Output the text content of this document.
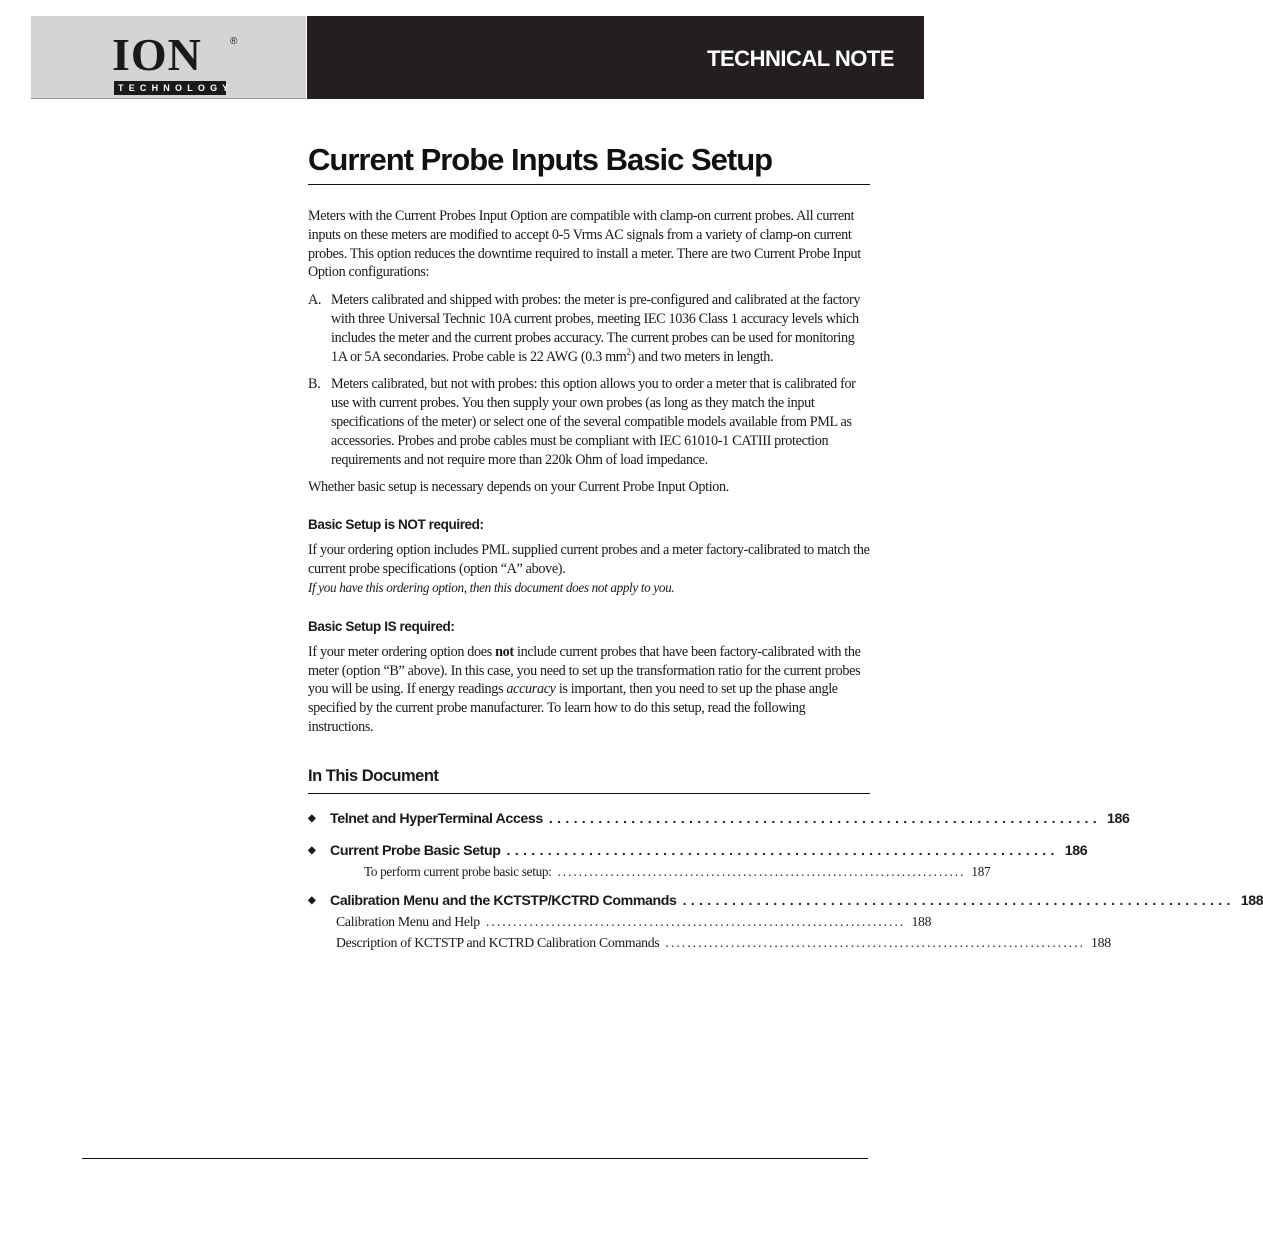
ION	®
TECHNOLOGY
TECHNICAL NOTE
Current Probe Inputs Basic Setup

Meters with the Current Probes Input Option are compatible with clamp-on current probes. All current inputs on these meters are modified to accept 0-5 Vrms AC signals from a variety of clamp-on current probes. This option reduces the downtime required to install a meter. There are two Current Probe Input Option configurations:

A. Meters calibrated and shipped with probes: the meter is pre-configured and calibrated at the factory with three Universal Technic 10A current probes, meeting IEC 1036 Class 1 accuracy levels which includes the meter and the current probes accuracy. The current probes can be used for monitoring 1A or 5A secondaries. Probe cable is 22 AWG (0.3 $mm^2$) and two meters in length.

B. Meters calibrated, but not with probes: this option allows you to order a meter that is calibrated for use with current probes. You then supply your own probes (as long as they match the input specifications of the meter) or select one of the several compatible models available from PML as accessories. Probes and probe cables must be compliant with IEC 61010-1 CATIII protection requirements and not require more than 220k Ohm of load impedance.

Whether basic setup is necessary depends on your Current Probe Input Option.

Basic Setup is NOT required:

If your ordering option includes PML supplied current probes and a meter factory-calibrated to match the current probe specifications (option “A” above).

If you have this ordering option, then this document does not apply to you.

Basic Setup IS required:

If your meter ordering option does not include current probes that have been factory-calibrated with the meter (option “B” above). In this case, you need to set up the transformation ratio for the current probes you will be using. If energy readings accuracy is important, then you need to set up the phase angle specified by the current probe manufacturer. To learn how to do this setup, read the following instructions.

In This Document
◆ Telnet and HyperTerminal Access ................................................................... 186
◆ Current Probe Basic Setup ................................................................... 186
To perform current probe basic setup: ............................................................................. 187
◆ Calibration Menu and the KCTSTP/KCTRD Commands ................................................................... 188
Calibration Menu and Help ............................................................................. 188
Description of KCTSTP and KCTRD Calibration Commands ............................................................................. 188
